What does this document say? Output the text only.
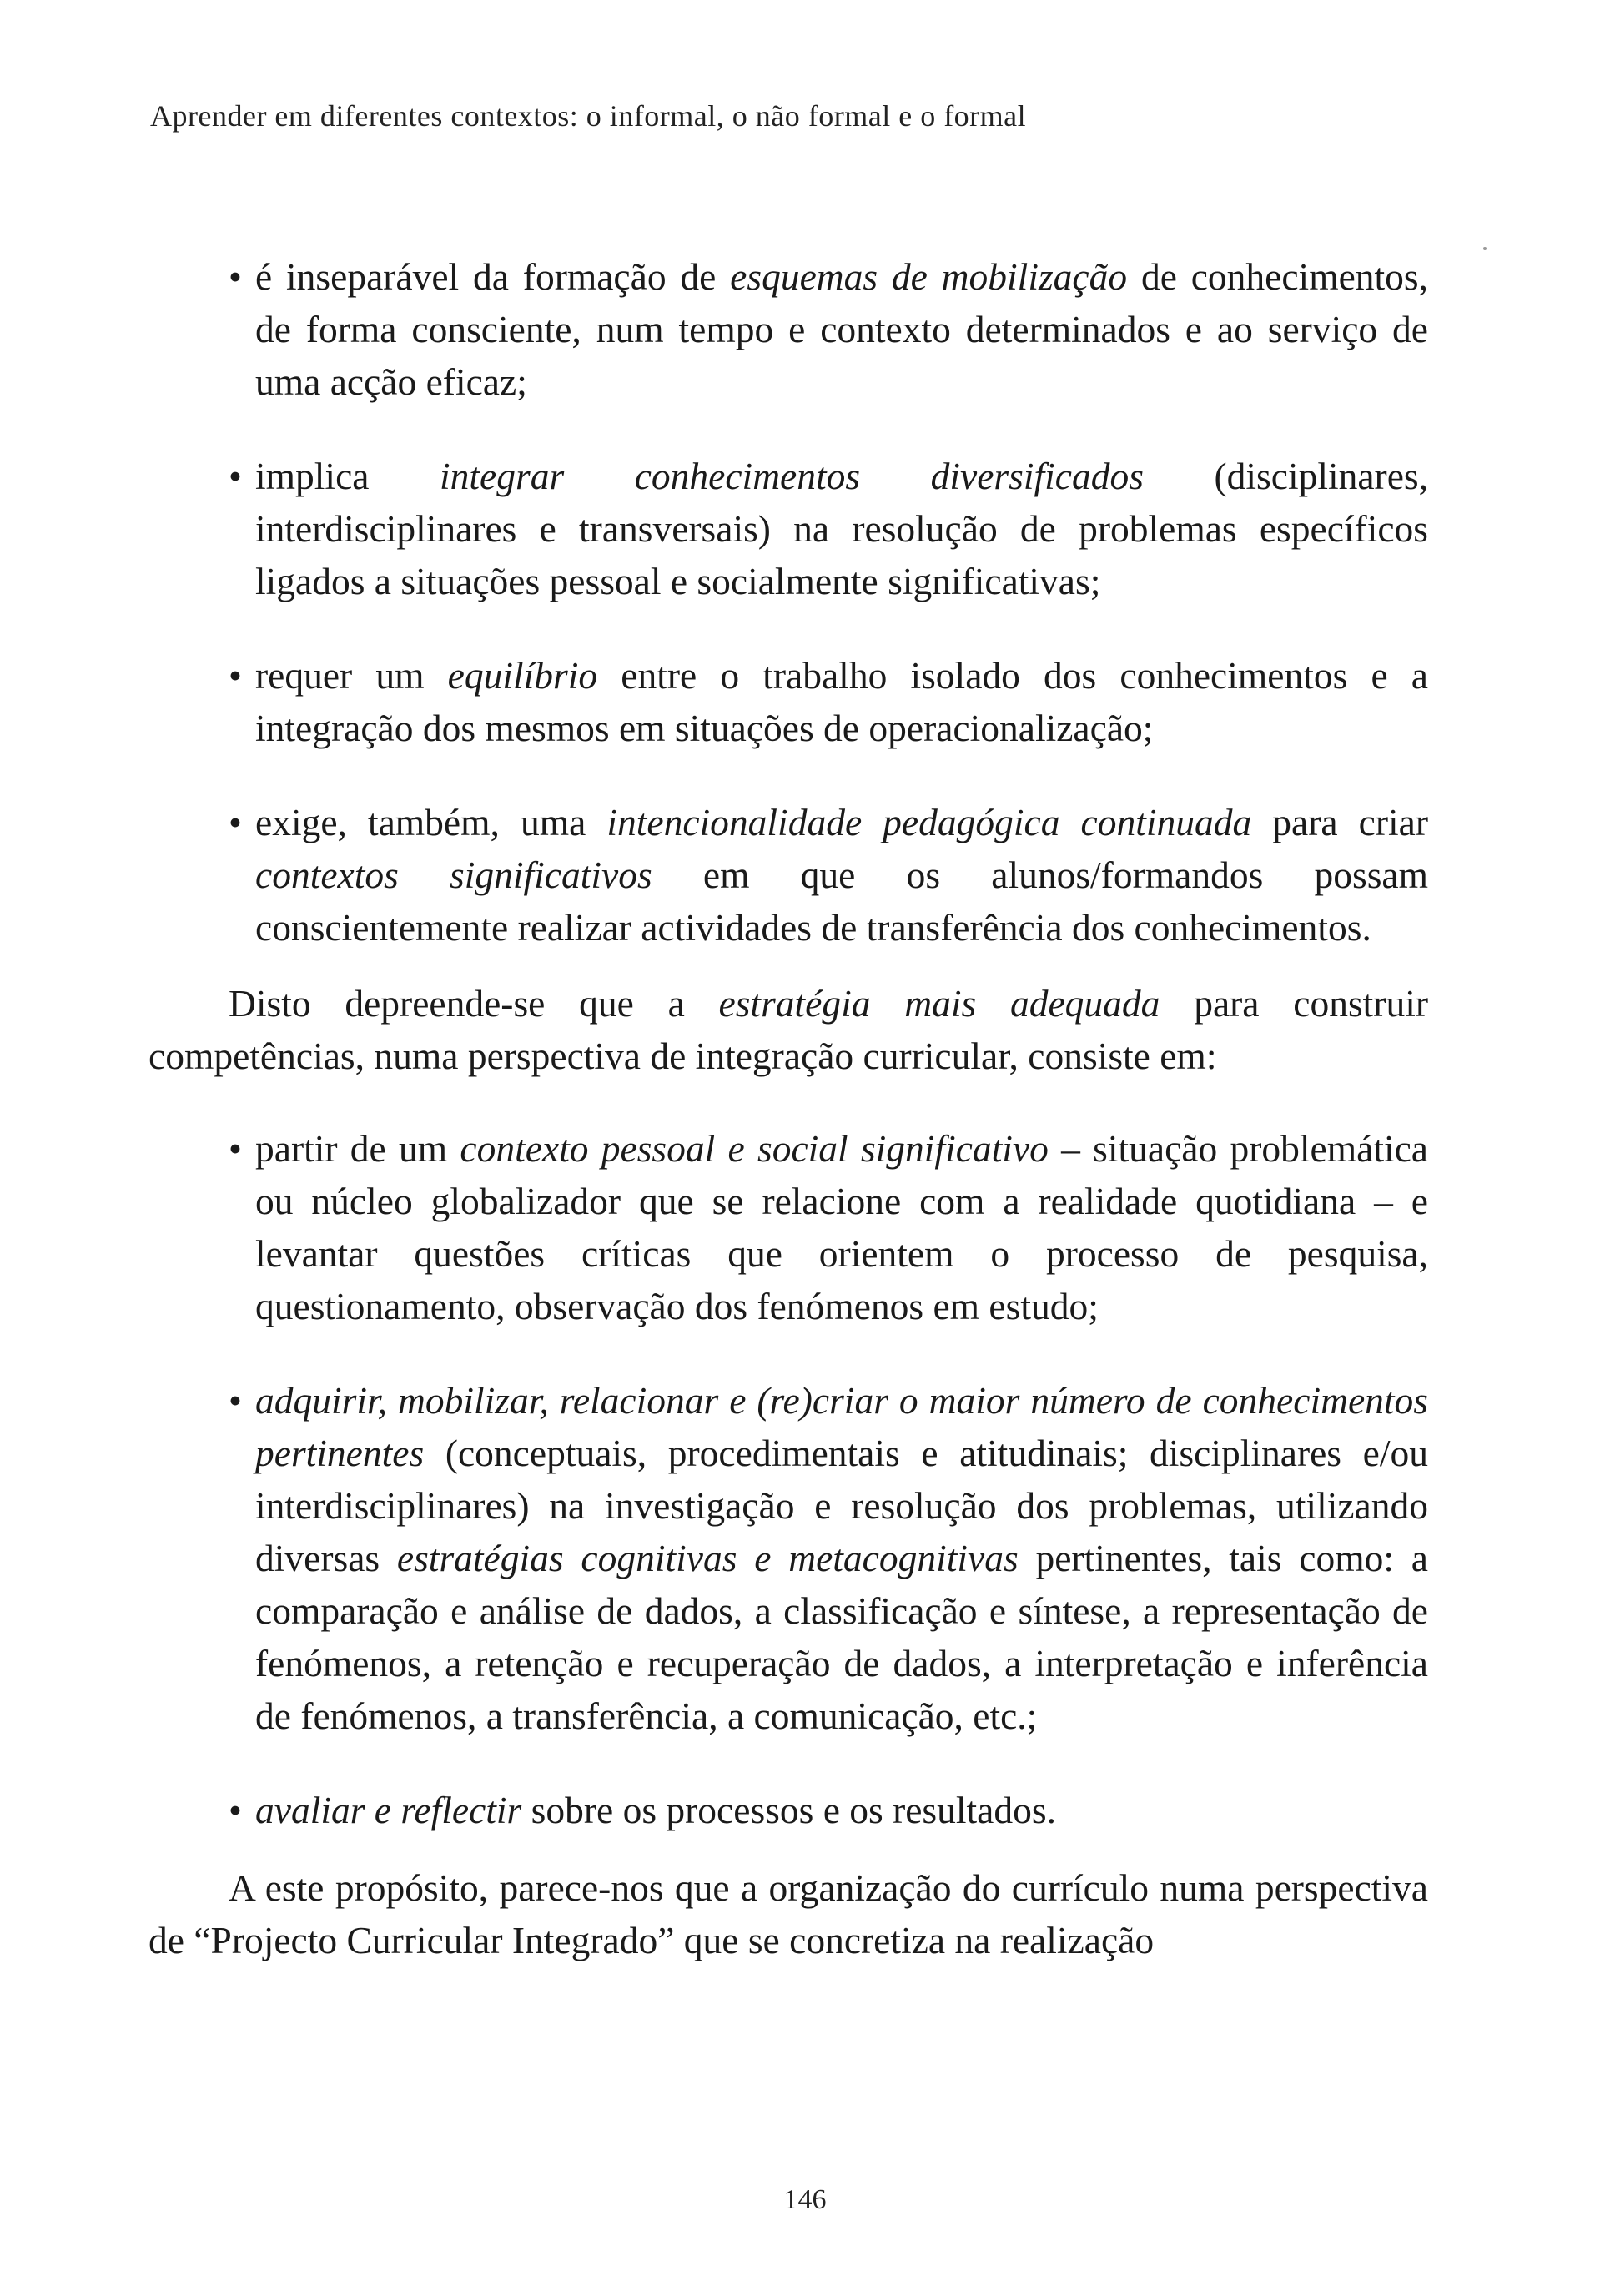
Aprender em diferentes contextos: o informal, o não formal e o formal
• é inseparável da formação de esquemas de mobilização de conhecimentos, de forma consciente, num tempo e contexto determinados e ao serviço de uma acção eficaz;
• implica integrar conhecimentos diversificados (disciplinares, interdisciplinares e transversais) na resolução de problemas específicos ligados a situações pessoal e socialmente significativas;
• requer um equilíbrio entre o trabalho isolado dos conhecimentos e a integração dos mesmos em situações de operacionalização;
• exige, também, uma intencionalidade pedagógica continuada para criar contextos significativos em que os alunos/formandos possam conscientemente realizar actividades de transferência dos conhecimentos.

Disto depreende-se que a estratégia mais adequada para construir competências, numa perspectiva de integração curricular, consiste em:

• partir de um contexto pessoal e social significativo – situação problemática ou núcleo globalizador que se relacione com a realidade quotidiana – e levantar questões críticas que orientem o processo de pesquisa, questionamento, observação dos fenómenos em estudo;
• adquirir, mobilizar, relacionar e (re)criar o maior número de conhecimentos pertinentes (conceptuais, procedimentais e atitudinais; disciplinares e/ou interdisciplinares) na investigação e resolução dos problemas, utilizando diversas estratégias cognitivas e metacognitivas pertinentes, tais como: a comparação e análise de dados, a classificação e síntese, a representação de fenómenos, a retenção e recuperação de dados, a interpretação e inferência de fenómenos, a transferência, a comunicação, etc.;
• avaliar e reflectir sobre os processos e os resultados.

A este propósito, parece-nos que a organização do currículo numa perspectiva de “Projecto Curricular Integrado” que se concretiza na realização

146
